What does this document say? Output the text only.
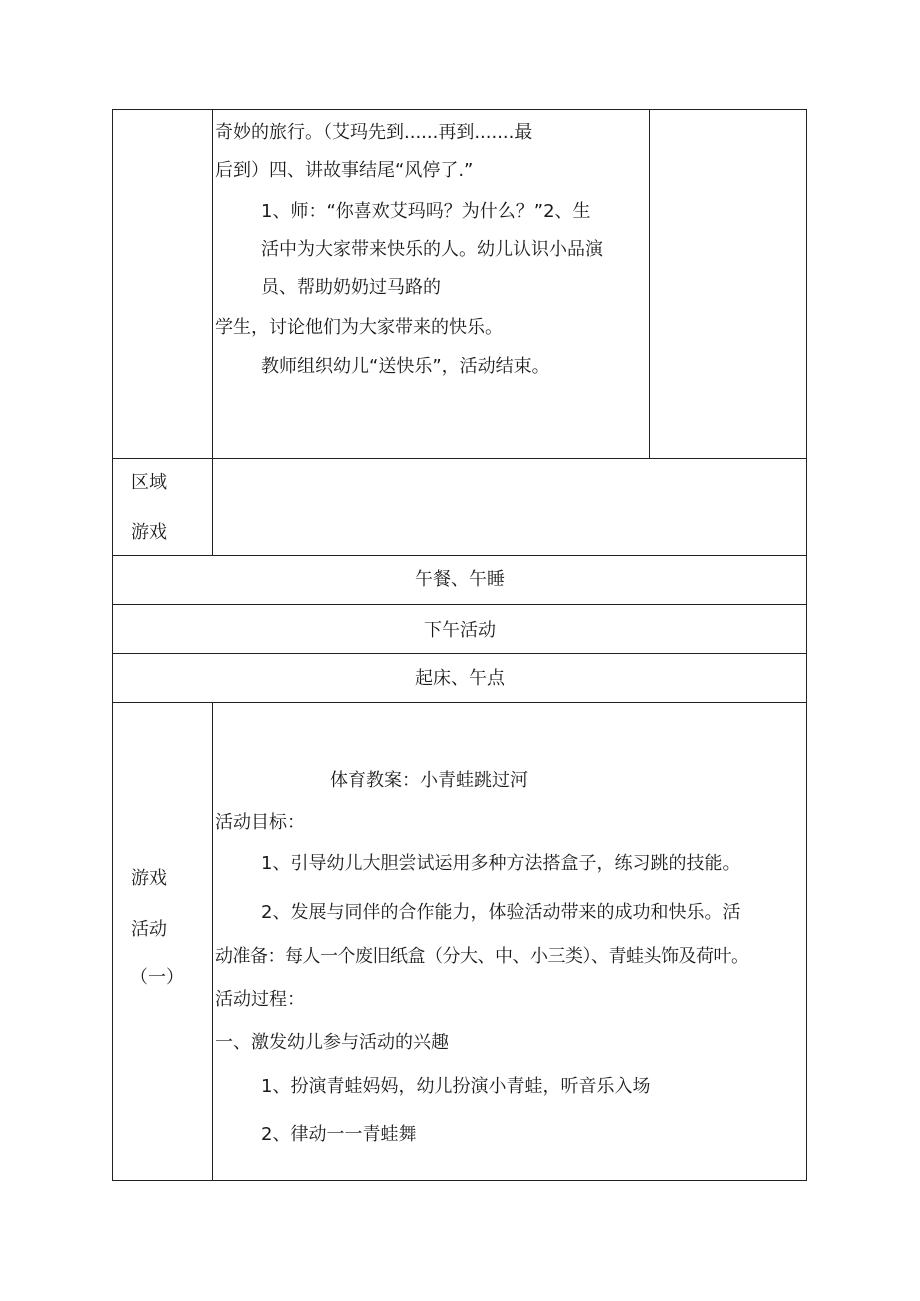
奇妙的旅行。（艾玛先到......再到.......最
后到）四、讲故事结尾“风停了.”
1、师：“你喜欢艾玛吗？为什么？”2、生
活中为大家带来快乐的人。幼儿认识小品演
员、帮助奶奶过马路的
学生，讨论他们为大家带来的快乐。
教师组织幼儿“送快乐”，活动结束。
区域
游戏
午餐、午睡
下午活动
起床、午点
游戏
活动
（一）
体育教案：小青蛙跳过河
活动目标：
1、引导幼儿大胆尝试运用多种方法搭盒子，练习跳的技能。
2、发展与同伴的合作能力，体验活动带来的成功和快乐。活
动准备：每人一个废旧纸盒（分大、中、小三类）、青蛙头饰及荷叶。
活动过程：
一、激发幼儿参与活动的兴趣
1、扮演青蛙妈妈，幼儿扮演小青蛙，听音乐入场
2、律动一一青蛙舞
